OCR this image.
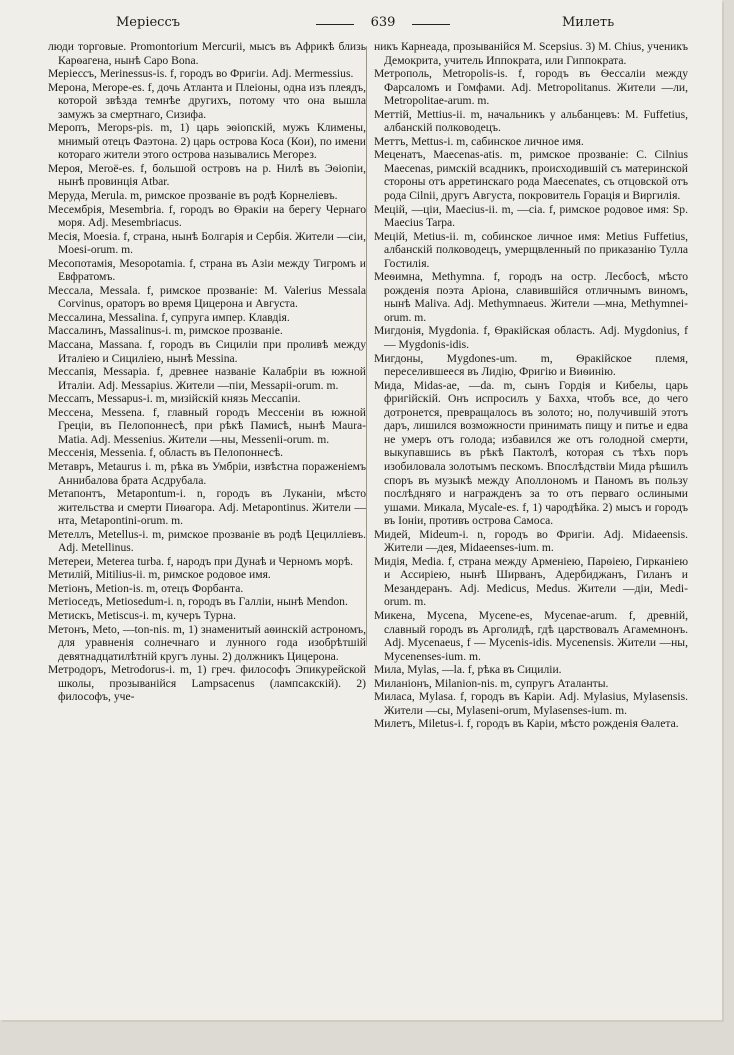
Мерiессъ	639	Милеть

люди торговые. Promontorium Mercurii, мысъ въ Африкѣ близь Карѳагена, нынѣ Capo Bona.

Мерiессъ, Merinessus-is. f, городъ во Фригiи. Adj. Mermessius.

Мерона, Merope-es. f, дочь Атланта и Плеiоны, одна изъ плеядъ, которой звѣзда темнѣе другихъ, потому что она вышла замужъ за смертнаго, Сизифа.

Меропъ, Merops-pis. m, 1) царь эѳiопскiй, мужъ Климены, мнимый отецъ Фаэтона. 2) царь острова Коса (Кои), по имени котораго жители этого острова назывались Мегорез.

Мероя, Meroë-es. f, большой островъ на р. Нилѣ въ Эѳiопiи, нынѣ провинцiя Atbar.

Меруда, Merula. m, римское прозванiе въ родѣ Корнелiевъ.

Месембрiя, Mesembria. f, городъ во Ѳракiи на берегу Чернаго моря. Adj. Mesembriacus.

Месiя, Moesia. f, страна, нынѣ Болгарiя и Сербiя. Жители —сiи, Moesi-orum. m.

Месопотамiя, Mesopotamia. f, страна въ Азiи между Тигромъ и Евфратомъ.

Мессала, Messala. f, римское прозванiе: M. Valerius Messala Corvinus, ораторъ во время Цицерона и Августа.

Мессалина, Messalina. f, супруга импер. Клавдiя.

Массалинъ, Massalinus-i. m, римское прозванiе.

Массана, Massana. f, городъ въ Сицилiи при проливѣ между Италiею и Сицилiею, нынѣ Messina.

Мессапiя, Messapia. f, древнее названiе Калабрiи въ южной Италiи. Adj. Messapius. Жители —пiи, Messapii-orum. m.

Мессапъ, Messapus-i. m, мизiйскiй князь Мессапiи.

Мессена, Messena. f, главный городъ Мессенiи въ южной Грецiи, въ Пелопоннесѣ, при рѣкѣ Памисѣ, нынѣ Maura-Matia. Adj. Messenius. Жители —ны, Messenii-orum. m.

Мессенiя, Messenia. f, область въ Пелопоннесѣ.

Метавръ, Metaurus i. m, рѣка въ Умбрiи, извѣстна пораженiемъ Аннибалова брата Асдрубала.

Метапонтъ, Metapontum-i. n, городъ въ Луканiи, мѣсто жительства и смерти Пиѳагора. Adj. Metapontinus. Жители —нта, Metapontini-orum. m.

Метеллъ, Metellus-i. m, римское прозванiе въ родѣ Цециллiевъ. Adj. Metellinus.

Метереи, Meterea turba. f, народъ при Дунаѣ и Черномъ морѣ.

Метилiй, Mitilius-ii. m, римское родовое имя.

Метiонъ, Metion-is. m, отецъ Форбанта.

Метiоседъ, Metiosedum-i. n, городъ въ Галлiи, нынѣ Mendon.

Метискъ, Metiscus-i. m, кучеръ Турна.

Метонъ, Meto, —ton-nis. m, 1) знаменитый аѳинскiй астрономъ, для уравненiя солнечнаго и лунного года изобрѣтшiй девятнадцатилѣтнiй кругъ луны. 2) должникъ Цицерона.

Метродоръ, Metrodorus-i. m, 1) греч. философъ Эпикурейской школы, прозыванiйся Lampsacenus (лампсакскiй). 2) философъ, уче-

никъ Карнеада, прозыванiйся M. Scepsius. 3) M. Chius, ученикъ Демокрита, учитель Иппократа, или Гиппократа.

Метрополь, Metropolis-is. f, городъ въ Ѳессалiи между Фарсаломъ и Гомфами. Adj. Metropolitanus. Жители —ли, Metropolitae-arum. m.

Меттiй, Mettius-ii. m, начальникъ у альбанцевъ: M. Fuffetius, албанскiй полководецъ.

Меттъ, Mettus-i. m, сабинское личное имя.

Меценатъ, Maecenas-atis. m, римское прозванiе: C. Cilnius Maecenas, римскiй всадникъ, происходившiй съ материнской стороны отъ арретинскаго рода Maecenates, съ отцовской отъ рода Cilnii, другъ Августа, покровитель Горацiя и Виргилiя.

Мецiй, —цiи, Maecius-ii. m, —cia. f, римское родовое имя: Sp. Maecius Tarpa.

Мецiй, Metius-ii. m, собинское личное имя: Metius Fuffetius, албанскiй полководецъ, умерщвленный по приказанiю Тулла Гостилiя.

Меѳимна, Methymna. f, городъ на остр. Лесбосѣ, мѣсто рожденiя поэта Арiона, славившiйся отличнымъ виномъ, нынѣ Maliva. Adj. Methymnaeus. Жители —мна, Methymnei-orum. m.

Мигдонiя, Mygdonia. f, Ѳракiйская область. Adj. Mygdonius, f — Mygdonis-idis.

Мигдоны, Mygdones-um. m, Ѳракiйское племя, переселившееся въ Лидiю, Фригiю и Виѳинiю.

Мида, Midas-ae, —da. m, сынъ Гордiя и Кибелы, царь фригiйскiй. Онъ испросилъ у Бахха, чтобъ все, до чего дотронется, превращалось въ золото; но, получившiй этотъ даръ, лишился возможности принимать пищу и питье и едва не умеръ отъ голода; избавился же отъ голодной смерти, выкупавшись въ рѣкѣ Пактолѣ, которая съ тѣхъ поръ изобиловала золотымъ пескомъ. Впослѣдствiи Мида рѣшилъ споръ въ музыкѣ между Аполлономъ и Паномъ въ пользу послѣдняго и награжденъ за то отъ перваго ослиными ушами. Микала, Mycale-es. f, 1) чародѣйка. 2) мысъ и городъ въ Iонiи, противъ острова Самоса.

Мидей, Mideum-i. n, городъ во Фригiи. Adj. Midaeensis. Жители —дея, Midaeenses-ium. m.

Мидiя, Media. f, страна между Арменiею, Парѳiею, Гирканiею и Ассирiею, нынѣ Ширванъ, Адербиджанъ, Гиланъ и Мезандеранъ. Adj. Medicus, Medus. Жители —дiи, Medi-orum. m.

Микена, Mycena, Mycene-es, Mycenae-arum. f, древнiй, славный городъ въ Арголидѣ, гдѣ царствовалъ Агамемнонъ. Adj. Mycenaeus, f — Mycenis-idis. Mycenensis. Жители —ны, Mycenenses-ium. m.

Мила, Mylas, —la. f, рѣка въ Сицилiи.

Миланiонъ, Milanion-nis. m, супругъ Аталанты.

Миласа, Mylasa. f, городъ въ Карiи. Adj. Mylasius, Mylasensis. Жители —сы, Mylaseni-orum, Mylasenses-ium. m.

Милетъ, Miletus-i. f, городъ въ Карiи, мѣсто рожденiя Ѳалета.
